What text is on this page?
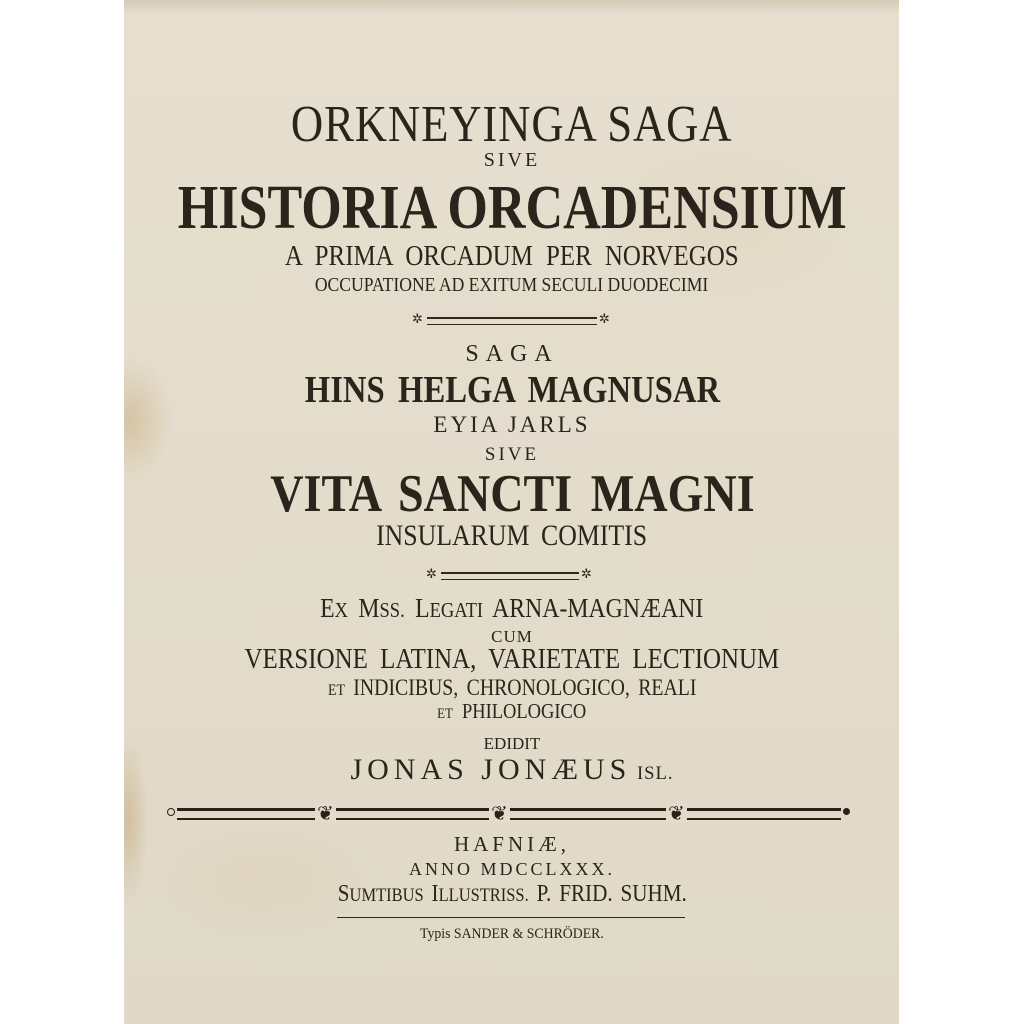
ORKNEYINGA SAGA
SIVE
HISTORIA ORCADENSIUM
A PRIMA ORCADUM PER NORVEGOS
OCCUPATIONE AD EXITUM SECULI DUODECIMI
✲	✲
SAGA
HINS HELGA MAGNUSAR
EYIA JARLS
SIVE
VITA SANCTI MAGNI
INSULARUM COMITIS
✲	✲
EX MSS. LEGATI ARNA-MAGNÆANI
CUM
VERSIONE LATINA, VARIETATE LECTIONUM
ET INDICIBUS, CHRONOLOGICO, REALI
ET PHILOLOGICO
EDIDIT
JONAS JONÆUS ISL.
❦	❦	❦
HAFNIÆ,
ANNO MDCCLXXX.
SUMTIBUS ILLUSTRISS. P. FRID. SUHM.
Typis SANDER & SCHRÖDER.
